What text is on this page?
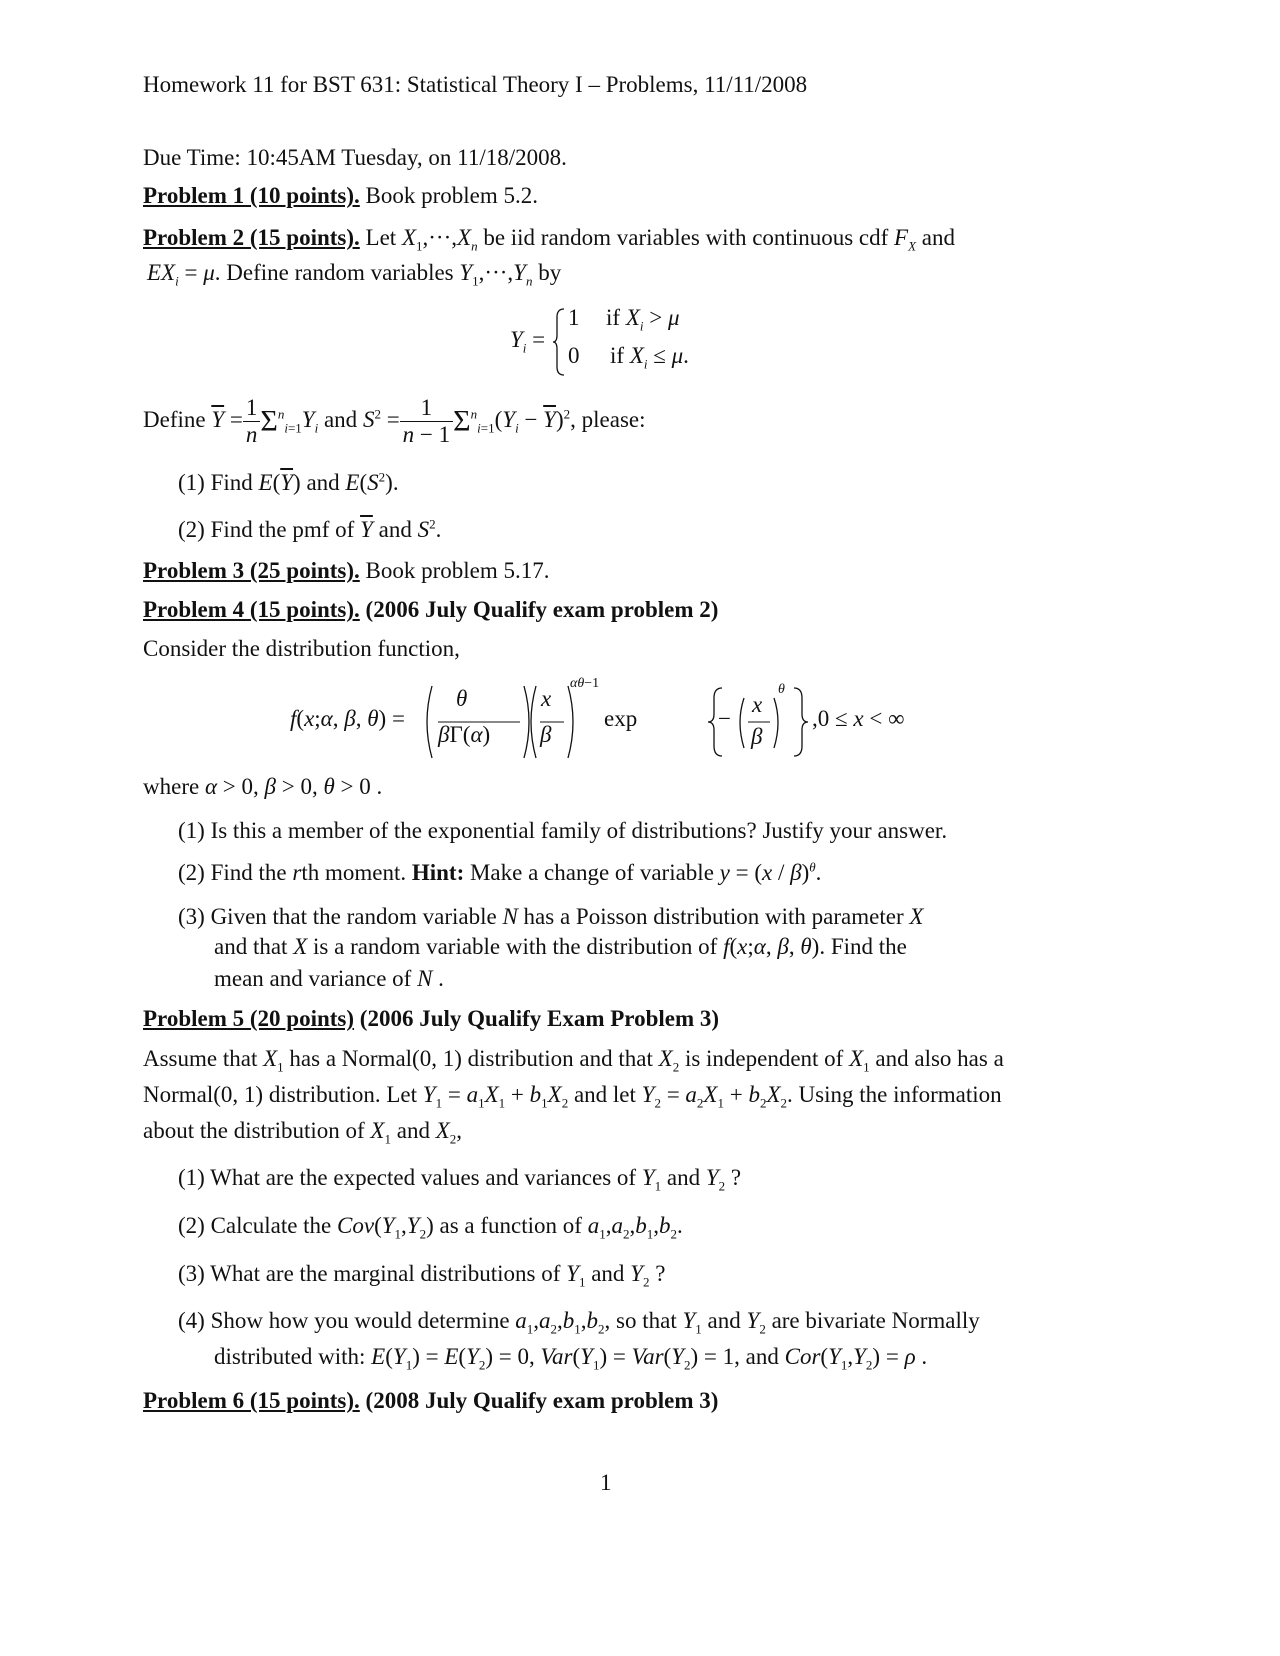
Homework 11 for BST 631: Statistical Theory I – Problems, 11/11/2008
Due Time: 10:45AM Tuesday, on 11/18/2008.
Problem 1 (10 points). Book problem 5.2.
Problem 2 (15 points). Let $X_1,\cdot\cdot\cdot,X_n$ be iid random variables with continuous cdf $F_X$ and
$EX_i = \mu$. Define random variables $Y_1,\cdot\cdot\cdot,Y_n$ by
$Y_i$ =
1
0
if $X_i > \mu$
if $X_i \le \mu$.
Define $\overline{Y} = \frac{1}{n} \Sigma^n_{i=1}Y_i$ and $S^2 = \frac{1}{n - 1} \Sigma^n_{i=1}(Y_i - \overline{Y})^2$, please:
(1) Find $E(\overline{Y})$ and $E(S^2)$.
(2) Find the pmf of $\overline{Y}$ and $S^2$.
Problem 3 (25 points). Book problem 5.17.
Problem 4 (15 points). (2006 July Qualify exam problem 2)
Consider the distribution function,
f(x;α, β, θ) =
θ
βΓ(α)
x
β
αθ−1
exp	−
x
β
θ
,0 ≤ x < ∞
where α > 0, β > 0, θ > 0 .
(1) Is this a member of the exponential family of distributions? Justify your answer.
(2) Find the rth moment. Hint: Make a change of variable y = (x / β)$^\theta$.
(3) Given that the random variable N has a Poisson distribution with parameter X
and that X is a random variable with the distribution of f(x;α, β, θ). Find the
mean and variance of N .
Problem 5 (20 points) (2006 July Qualify Exam Problem 3)
Assume that $X_1$ has a Normal(0, 1) distribution and that $X_2$ is independent of $X_1$ and also has a
Normal(0, 1) distribution. Let $Y_1 = a_1X_1 + b_1X_2$ and let $Y_2 = a_2X_1 + b_2X_2$. Using the information
about the distribution of $X_1$ and $X_2$,
(1) What are the expected values and variances of $Y_1$ and $Y_2$ ?
(2) Calculate the $Cov(Y_1,Y_2)$ as a function of $a_1,a_2,b_1,b_2$.
(3) What are the marginal distributions of $Y_1$ and $Y_2$ ?
(4) Show how you would determine $a_1,a_2,b_1,b_2$, so that $Y_1$ and $Y_2$ are bivariate Normally
distributed with: $E(Y_1) = E(Y_2) = 0$, $Var(Y_1) = Var(Y_2) = 1$, and $Cor(Y_1,Y_2) = \rho$ .
Problem 6 (15 points). (2008 July Qualify exam problem 3)
1
